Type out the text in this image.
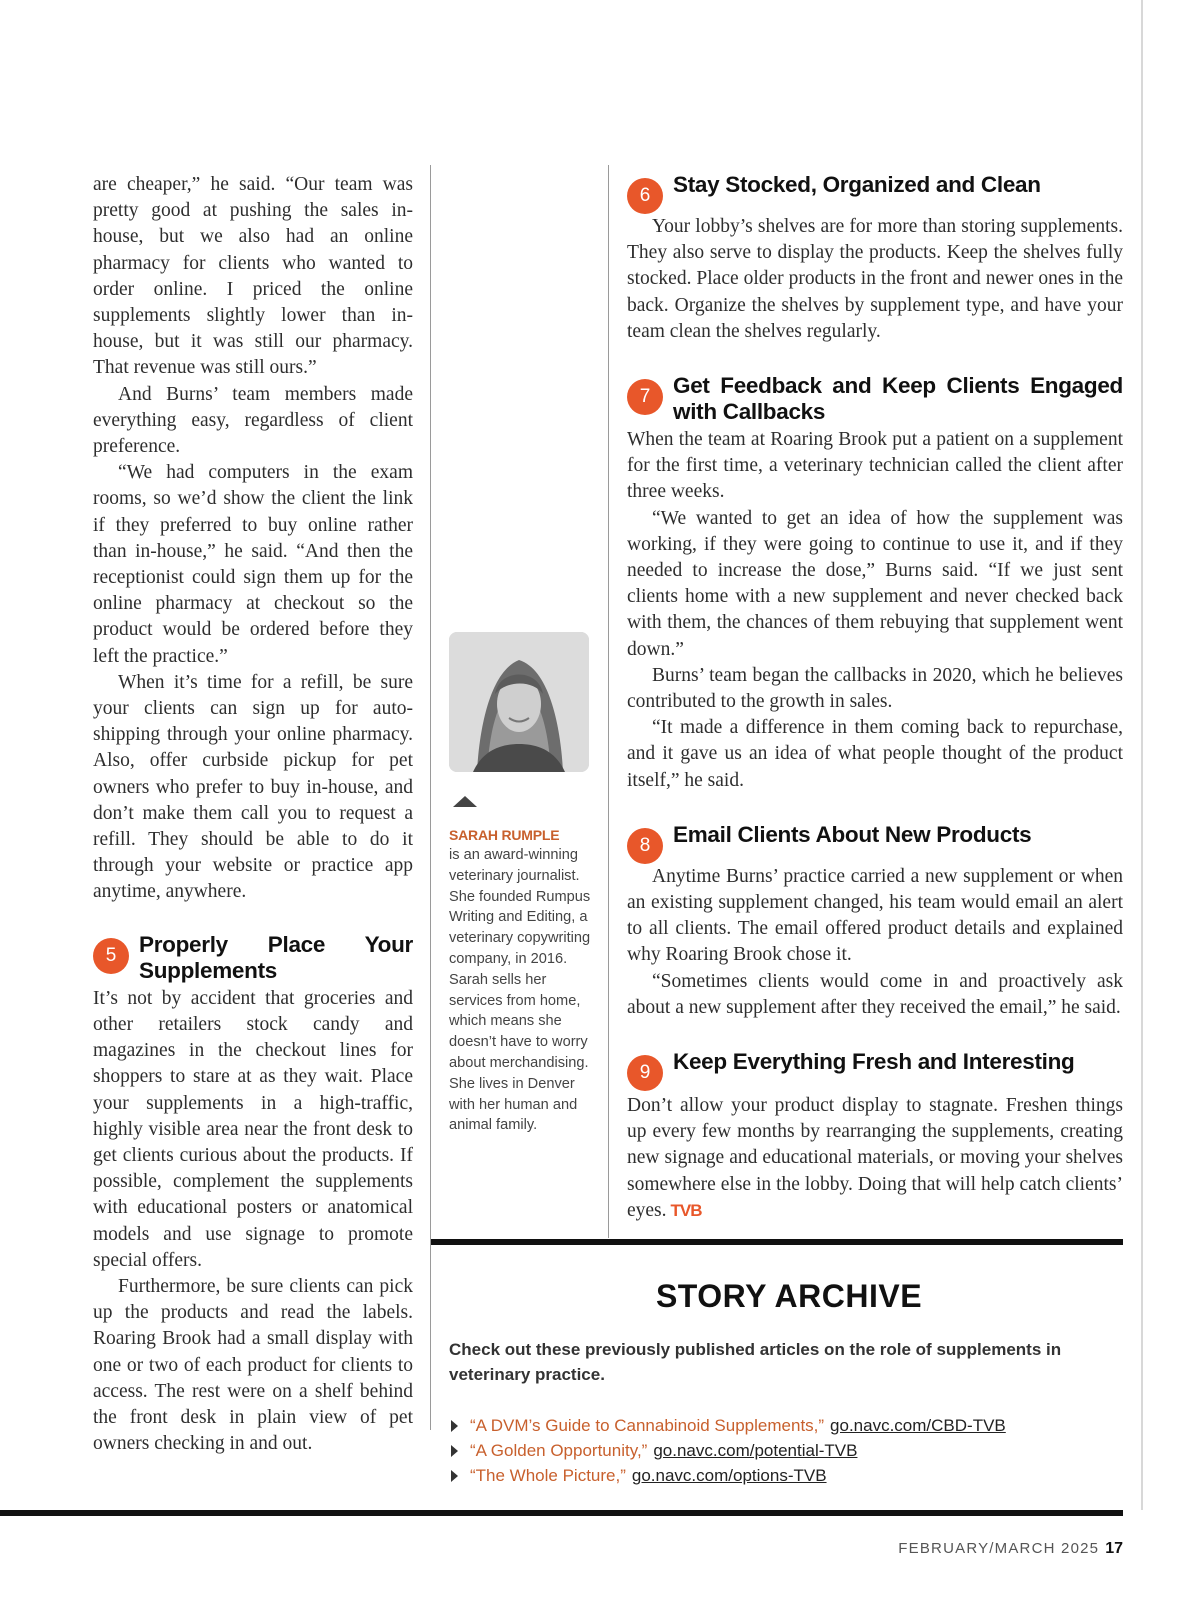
are cheaper,” he said. “Our team was pretty good at pushing the sales in-house, but we also had an online pharmacy for clients who wanted to order online. I priced the online supplements slightly lower than in-house, but it was still our pharmacy. That revenue was still ours.”

And Burns’ team members made everything easy, regardless of client preference.

“We had computers in the exam rooms, so we’d show the client the link if they preferred to buy online rather than in-house,” he said. “And then the receptionist could sign them up for the online pharmacy at checkout so the product would be ordered before they left the practice.”

When it’s time for a refill, be sure your clients can sign up for auto-shipping through your online pharmacy. Also, offer curbside pickup for pet owners who prefer to buy in-house, and don’t make them call you to request a refill. They should be able to do it through your website or practice app anytime, anywhere.

5	Properly Place Your Supplements

It’s not by accident that groceries and other retailers stock candy and magazines in the checkout lines for shoppers to stare at as they wait. Place your supplements in a high-traffic, highly visible area near the front desk to get clients curious about the products. If possible, complement the supplements with educational posters or anatomical models and use signage to promote special offers.

Furthermore, be sure clients can pick up the products and read the labels. Roaring Brook had a small display with one or two of each product for clients to access. The rest were on a shelf behind the front desk in plain view of pet owners checking in and out.

SARAH RUMPLE
is an award-winning veterinary journalist. She founded Rumpus Writing and Editing, a veterinary copywriting company, in 2016. Sarah sells her services from home, which means she doesn’t have to worry about merchandising. She lives in Denver with her human and animal family.
6	Stay Stocked, Organized and Clean

Your lobby’s shelves are for more than storing supplements. They also serve to display the products. Keep the shelves fully stocked. Place older products in the front and newer ones in the back. Organize the shelves by supplement type, and have your team clean the shelves regularly.

7	Get Feedback and Keep Clients Engaged with Callbacks

When the team at Roaring Brook put a patient on a supplement for the first time, a veterinary technician called the client after three weeks.

“We wanted to get an idea of how the supplement was working, if they were going to continue to use it, and if they needed to increase the dose,” Burns said. “If we just sent clients home with a new supplement and never checked back with them, the chances of them rebuying that supplement went down.”

Burns’ team began the callbacks in 2020, which he believes contributed to the growth in sales.

“It made a difference in them coming back to repurchase, and it gave us an idea of what people thought of the product itself,” he said.

8	Email Clients About New Products

Anytime Burns’ practice carried a new supplement or when an existing supplement changed, his team would email an alert to all clients. The email offered product details and explained why Roaring Brook chose it.

“Sometimes clients would come in and proactively ask about a new supplement after they received the email,” he said.

9	Keep Everything Fresh and Interesting

Don’t allow your product display to stagnate. Freshen things up every few months by rearranging the supplements, creating new signage and educational materials, or moving your shelves somewhere else in the lobby. Doing that will help catch clients’ eyes. TVB

STORY ARCHIVE
Check out these previously published articles on the role of supplements in veterinary practice.
“A DVM’s Guide to Cannabinoid Supplements,” go.navc.com/CBD-TVB
“A Golden Opportunity,” go.navc.com/potential-TVB
“The Whole Picture,” go.navc.com/options-TVB
FEBRUARY/MARCH 2025 17
